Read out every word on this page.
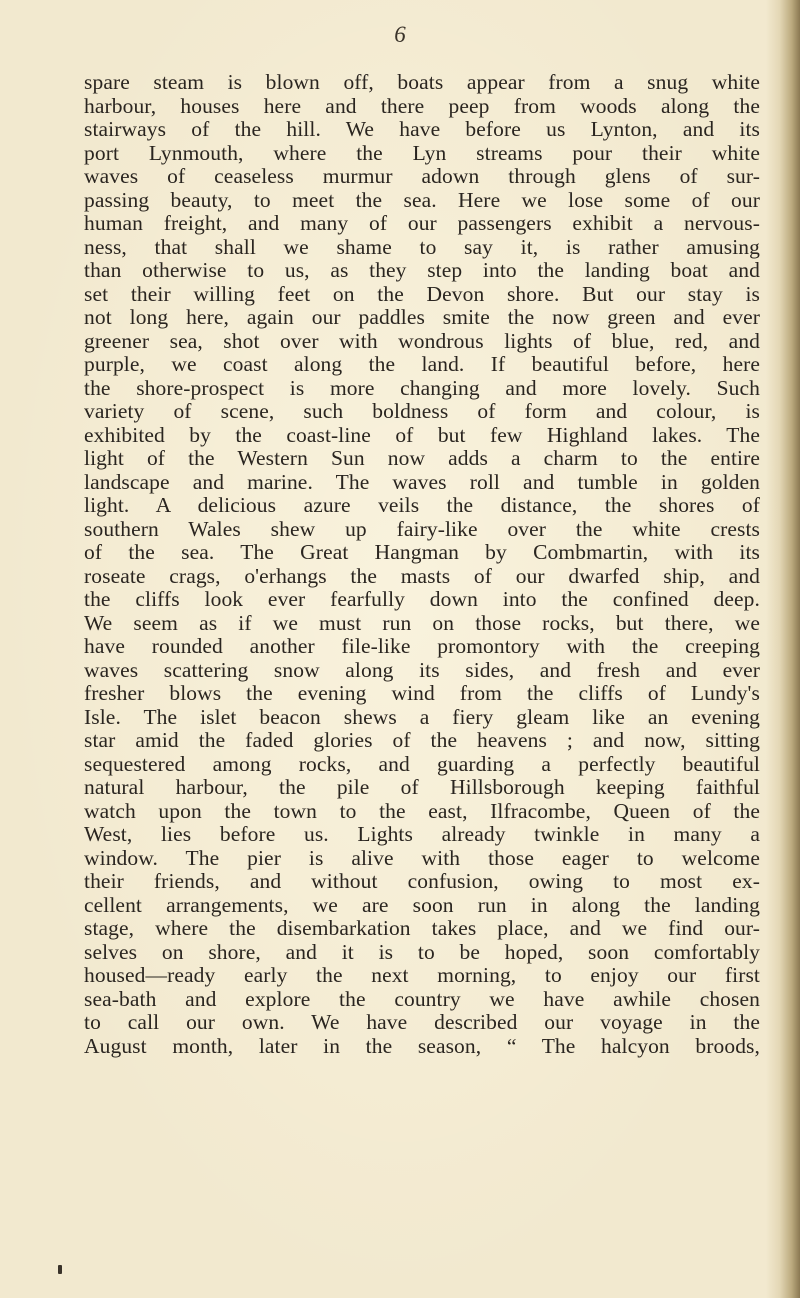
6
spare steam is blown off, boats appear from a snug white
harbour, houses here and there peep from woods along the
stairways of the hill. We have before us Lynton, and its
port Lynmouth, where the Lyn streams pour their white
waves of ceaseless murmur adown through glens of sur-
passing beauty, to meet the sea. Here we lose some of our
human freight, and many of our passengers exhibit a nervous-
ness, that shall we shame to say it, is rather amusing
than otherwise to us, as they step into the landing boat and
set their willing feet on the Devon shore. But our stay is
not long here, again our paddles smite the now green and ever
greener sea, shot over with wondrous lights of blue, red, and
purple, we coast along the land. If beautiful before, here
the shore-prospect is more changing and more lovely. Such
variety of scene, such boldness of form and colour, is
exhibited by the coast-line of but few Highland lakes. The
light of the Western Sun now adds a charm to the entire
landscape and marine. The waves roll and tumble in golden
light. A delicious azure veils the distance, the shores of
southern Wales shew up fairy-like over the white crests
of the sea. The Great Hangman by Combmartin, with its
roseate crags, o'erhangs the masts of our dwarfed ship, and
the cliffs look ever fearfully down into the confined deep.
We seem as if we must run on those rocks, but there, we
have rounded another file-like promontory with the creeping
waves scattering snow along its sides, and fresh and ever
fresher blows the evening wind from the cliffs of Lundy's
Isle. The islet beacon shews a fiery gleam like an evening
star amid the faded glories of the heavens ; and now, sitting
sequestered among rocks, and guarding a perfectly beautiful
natural harbour, the pile of Hillsborough keeping faithful
watch upon the town to the east, Ilfracombe, Queen of the
West, lies before us. Lights already twinkle in many a
window. The pier is alive with those eager to welcome
their friends, and without confusion, owing to most ex-
cellent arrangements, we are soon run in along the landing
stage, where the disembarkation takes place, and we find our-
selves on shore, and it is to be hoped, soon comfortably
housed—ready early the next morning, to enjoy our first
sea-bath and explore the country we have awhile chosen
to call our own. We have described our voyage in the
August month, later in the season, “ The halcyon broods,
